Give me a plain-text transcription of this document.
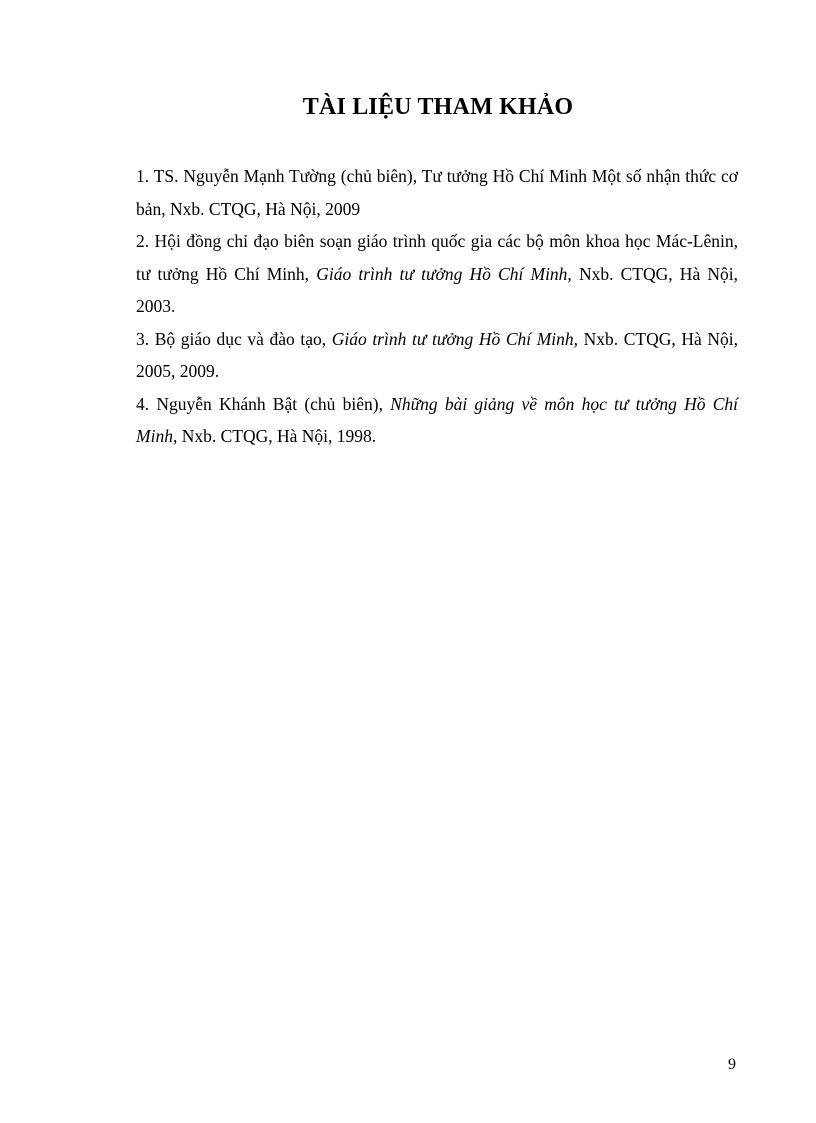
TÀI LIỆU THAM KHẢO

1. TS. Nguyễn Mạnh Tường (chủ biên), Tư tưởng Hồ Chí Minh Một số nhận thức cơ bản, Nxb. CTQG, Hà Nội, 2009

2. Hội đồng chỉ đạo biên soạn giáo trình quốc gia các bộ môn khoa học Mác-Lênin, tư tưởng Hồ Chí Minh, Giáo trình tư tưởng Hồ Chí Minh, Nxb. CTQG, Hà Nội, 2003.

3. Bộ giáo dục và đào tạo, Giáo trình tư tưởng Hồ Chí Minh, Nxb. CTQG, Hà Nội, 2005, 2009.

4. Nguyễn Khánh Bật (chủ biên), Những bài giảng về môn học tư tưởng Hồ Chí Minh, Nxb. CTQG, Hà Nội, 1998.

9
